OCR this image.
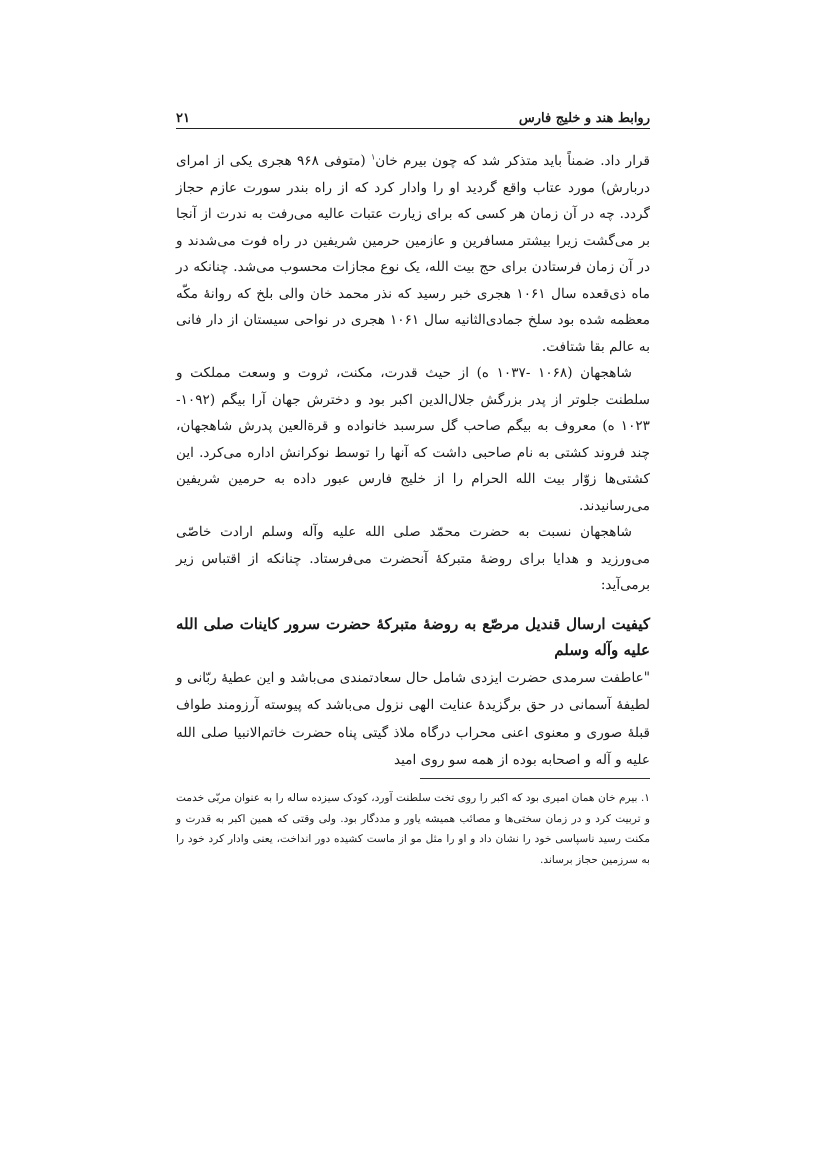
روابط هند و خلیج فارس
۲۱

قرار داد. ضمناً باید متذکر شد که چون بیرم خان$^۱$ (متوفی ۹۶۸ هجری یکی از امرای دربارش) مورد عتاب واقع گردید او را وادار کرد که از راه بندر سورت عازم حجاز گردد. چه در آن زمان هر کسی که برای زیارت عتبات عالیه می‌رفت به ندرت از آنجا بر می‌گشت زیرا بیشتر مسافرین و عازمین حرمین شریفین در راه فوت می‌شدند و در آن زمان فرستادن برای حج بیت الله، یک نوع مجازات محسوب می‌شد. چنانکه در ماه ذی‌قعده سال ۱۰۶۱ هجری خبر رسید که نذر محمد خان والی بلخ که روانهٔ مکّه معظمه شده بود سلخ جمادی‌الثانیه سال ۱۰۶۱ هجری در نواحی سیستان از دار فانی به عالم بقا شتافت.

شاهجهان (۱۰۶۸ -۱۰۳۷ ه) از حیث قدرت، مکنت، ثروت و وسعت مملکت و سلطنت جلوتر از پدر بزرگش جلال‌الدین اکبر بود و دخترش جهان آرا بیگم (۱۰۹۲- ۱۰۲۳ ه) معروف به بیگم صاحب گل سرسبد خانواده و قرةالعین پدرش شاهجهان، چند فروند کشتی به نام صاحبی داشت که آنها را توسط نوکرانش اداره می‌کرد. این کشتی‌ها زوّار بیت الله الحرام را از خلیج فارس عبور داده به حرمین شریفین می‌رسانیدند.

شاهجهان نسبت به حضرت محمّد صلی الله علیه وآله وسلم ارادت خاصّی می‌ورزید و هدایا برای روضهٔ متبرکهٔ آنحضرت می‌فرستاد. چنانکه از اقتباس زیر برمی‌آید:

کیفیت ارسال قندیل مرصّع به روضهٔ متبرکهٔ حضرت سرور کاینات صلی الله علیه وآله وسلم

"عاطفت سرمدی حضرت ایزدی شامل حال سعادتمندی می‌باشد و این عطیهٔ ربّانی و لطیفهٔ آسمانی در حق برگزیدهٔ عنایت الهی نزول می‌باشد که پیوسته آرزومند طواف قبلهٔ صوری و معنوی اعنی محراب درگاه ملاذ گیتی پناه حضرت خاتم‌الانبیا صلی الله علیه و آله و اصحابه بوده از همه سو روی امید

۱. بیرم خان همان امیری بود که اکبر را روی تخت سلطنت آورد، کودک سیزده ساله را به عنوان مربّی خدمت و تربیت کرد و در زمان سختی‌ها و مصائب همیشه یاور و مددگار بود. ولی وقتی که همین اکبر به قدرت و مکنت رسید ناسپاسی خود را نشان داد و او را مثل مو از ماست کشیده دور انداخت، یعنی وادار کرد خود را به سرزمین حجاز برساند.
